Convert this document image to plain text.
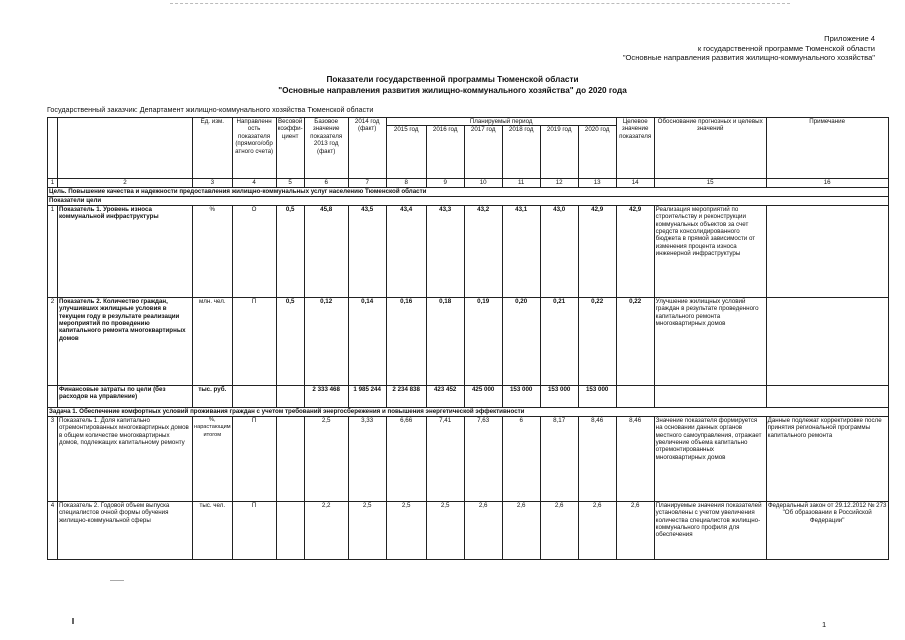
Приложение 4
к государственной программе Тюменской области
"Основные направления развития жилищно-коммунального хозяйства"
Показатели государственной программы Тюменской области
"Основные направления развития жилищно-коммунального хозяйства" до 2020 года
Государственный заказчик: Департамент жилищно-коммунального хозяйства Тюменской области
		Ед. изм.	Направленн ость показателя (прямого/обр атного счета)	Весовой коэффи-циент	Базовое значение показателя 2013 год (факт)	2014 год (факт)	Планируемый период						Целевое значение показателя	Обоснование прогнозных и целевых значений	Примечание
							2015 год	2016 год	2017 год	2018 год	2019 год	2020 год			
1	2	3	4	5	6	7	8	9	10	11	12	13	14	15	16
Цель. Повышение качества и надежности предоставления жилищно-коммунальных услуг населению Тюменской области															
Показатели цели															
1	Показатель 1. Уровень износа коммунальной инфраструктуры	%	О	0,5	45,8	43,5	43,4	43,3	43,2	43,1	43,0	42,9	42,9	Реализация мероприятий по строительству и реконструкции коммунальных объектов за счет средств консолидированного бюджета в прямой зависимости от изменения процента износа инженерной инфраструктуры	
2	Показатель 2. Количество граждан, улучшивших жилищные условия в текущем году в результате реализации мероприятий по проведению капитального ремонта многоквартирных домов	млн. чел.	П	0,5	0,12	0,14	0,16	0,18	0,19	0,20	0,21	0,22	0,22	Улучшение жилищных условий граждан в результате проведенного капитального ремонта многоквартирных домов	
	Финансовые затраты по цели (без расходов на управление)	тыс. руб.			2 333 468	1 985 244	2 234 838	423 452	425 000	153 000	153 000	153 000			
Задача 1. Обеспечение комфортных условий проживания граждан с учетом требований энергосбережения и повышения энергетической эффективности															
3	Показатель 1. Доля капитально отремонтированных многоквартирных домов в общем количестве многоквартирных домов, подлежащих капитальному ремонту	%, нарастающим итогом	П		2,5	3,33	6,66	7,41	7,63	6	8,17	8,46	8,46	Значение показателя формируется на основании данных органов местного самоуправления, отражает увеличение объема капитально отремонтированных многоквартирных домов	Данные подлежат корректировке после принятия региональной программы капитального ремонта
4	Показатель 2. Годовой объем выпуска специалистов очной формы обучения жилищно-коммунальной сферы	тыс. чел.	П		2,2	2,5	2,5	2,5	2,6	2,6	2,6	2,6	2,6	Планируемые значения показателей установлены с учетом увеличения количества специалистов жилищно-коммунального профиля для обеспечения	Федеральный закон от 29.12.2012 № 273 "Об образовании в Российской Федерации"
1
